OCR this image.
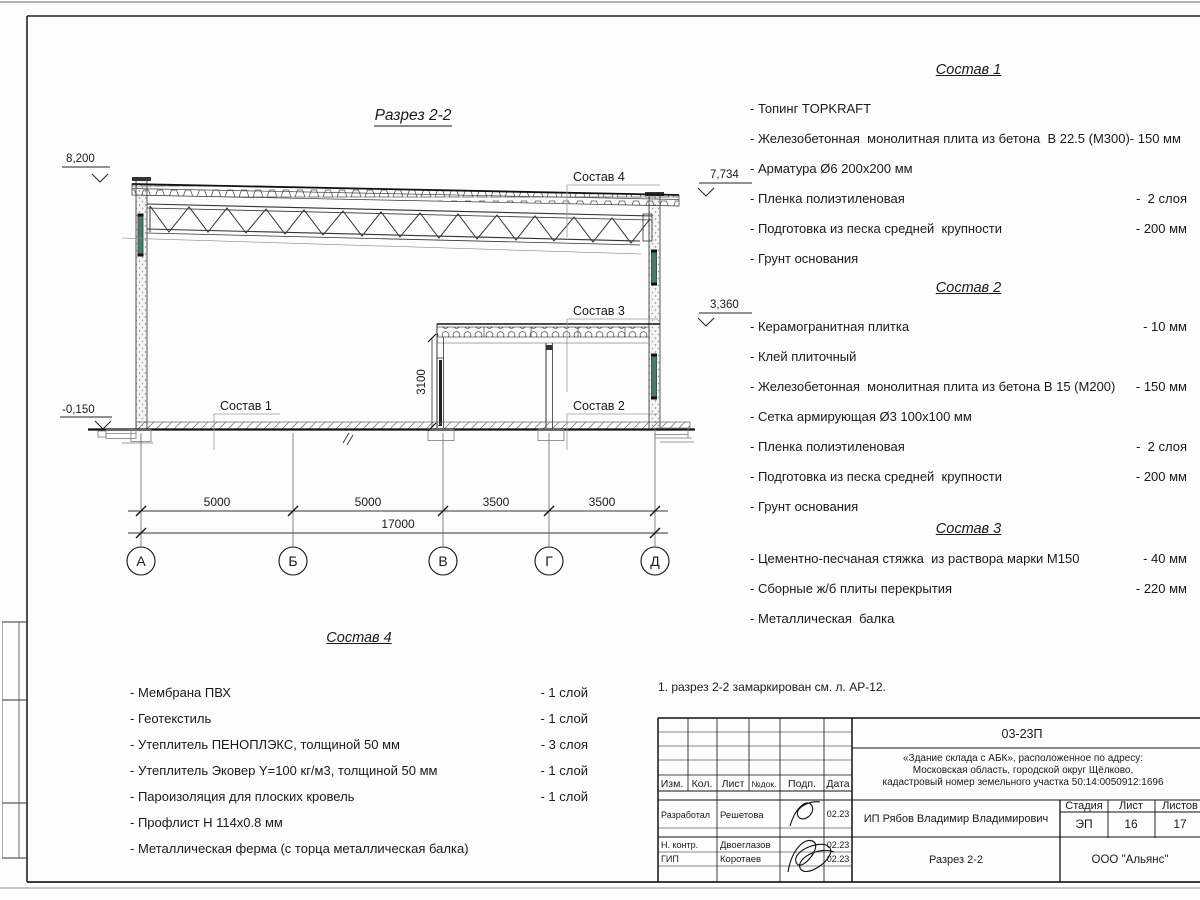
5000	5000	3500	3500
17000
3100
А	Б	В	Г	Д
8,200
7,734
3,360
-0,150
Состав 4
Состав 3
Состав 2
Состав 1
Разрез 2-2
03-23П
«Здание склада с АБК», расположенное по адресу:
Московская область, городской округ Щёлково,
кадастровый номер земельного участка 50:14:0050912:1696
Изм. Кол. Лист №док. Подп. Дата
Разработал Решетова	02.23
Н. контр. Двоеглазов	02.23
ГИП	Коротаев	02.23
ИП Рябов Владимир Владимирович
Стадия Лист Листов
ЭП	16	17
Разрез 2-2	ООО "Альянс"
Состав 1
- Топинг TOPKRAFT
- Железобетонная  монолитная плита из бетона  В 22.5 (М300)- 150 мм
- Арматура Ø6 200х200 мм
- Пленка полиэтиленовая	-  2 слоя
- Подготовка из песка средней  крупности	- 200 мм
- Грунт основания
Состав 2
- Керамогранитная плитка	- 10 мм
- Клей плиточный
- Железобетонная  монолитная плита из бетона В 15 (М200) - 150 мм
- Сетка армирующая Ø3 100х100 мм
- Пленка полиэтиленовая	-  2 слоя
- Подготовка из песка средней  крупности	- 200 мм
- Грунт основания
Состав 3
- Цементно-песчаная стяжка  из раствора марки М150	- 40 мм
- Сборные ж/б плиты перекрытия	- 220 мм
- Металлическая  балка
Состав 4
- Мембрана ПВХ	- 1 слой
- Геотекстиль	- 1 слой
- Утеплитель ПЕНОПЛЭКС, толщиной 50 мм	- 3 слоя
- Утеплитель Эковер Y=100 кг/м3, толщиной 50 мм	- 1 слой
- Пароизоляция для плоских кровель	- 1 слой
- Профлист Н 114х0.8 мм
- Металлическая ферма (с торца металлическая балка)
1. разрез 2-2 замаркирован см. л. АР-12.
